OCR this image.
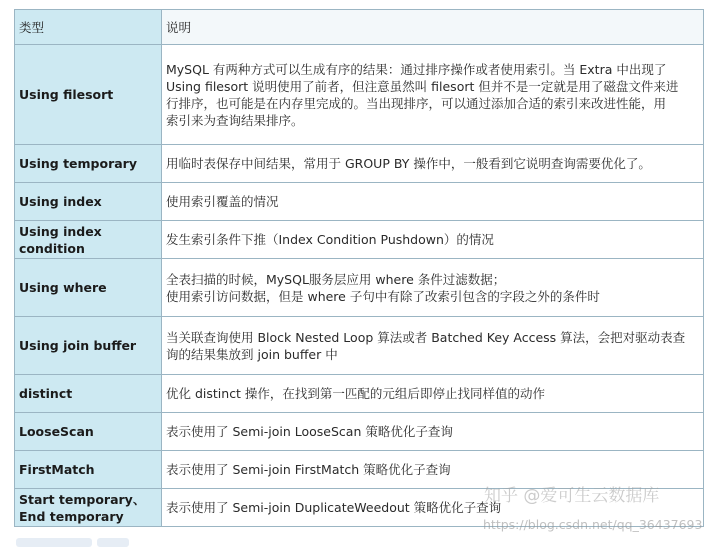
类型	说明
Using filesort	MySQL 有两种方式可以生成有序的结果：通过排序操作或者使用索引。当 Extra 中出现了
Using filesort 说明使用了前者，但注意虽然叫 filesort 但并不是一定就是用了磁盘文件来进
行排序，也可能是在内存里完成的。当出现排序，可以通过添加合适的索引来改进性能，用
索引来为查询结果排序。

Using temporary	用临时表保存中间结果，常用于 GROUP BY 操作中，一般看到它说明查询需要优化了。

Using index	使用索引覆盖的情况

Using index condition	发生索引条件下推（Index Condition Pushdown）的情况

Using where	全表扫描的时候，MySQL服务层应用 where 条件过滤数据；
使用索引访问数据，但是 where 子句中有除了改索引包含的字段之外的条件时

Using join buffer	当关联查询使用 Block Nested Loop 算法或者 Batched Key Access 算法，会把对驱动表查
询的结果集放到 join buffer 中

distinct	优化 distinct 操作，在找到第一匹配的元组后即停止找同样值的动作

LooseScan	表示使用了 Semi-join LooseScan 策略优化子查询

FirstMatch	表示使用了 Semi-join FirstMatch 策略优化子查询

Start temporary、End temporary	表示使用了 Semi-join DuplicateWeedout 策略优化子查询
知乎 @爱可生云数据库
https://blog.csdn.net/qq_36437693
